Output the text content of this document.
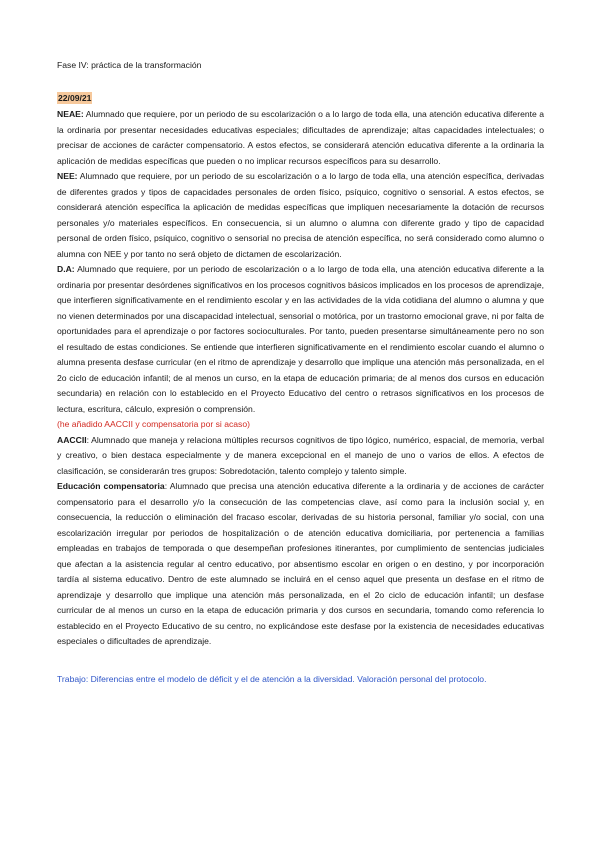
Fase IV: práctica de la transformación

22/09/21

NEAE: Alumnado que requiere, por un periodo de su escolarización o a lo largo de toda ella, una atención educativa diferente a la ordinaria por presentar necesidades educativas especiales; dificultades de aprendizaje; altas capacidades intelectuales; o precisar de acciones de carácter compensatorio. A estos efectos, se considerará atención educativa diferente a la ordinaria la aplicación de medidas específicas que pueden o no implicar recursos específicos para su desarrollo.

NEE: Alumnado que requiere, por un periodo de su escolarización o a lo largo de toda ella, una atención específica, derivadas de diferentes grados y tipos de capacidades personales de orden físico, psíquico, cognitivo o sensorial. A estos efectos, se considerará atención específica la aplicación de medidas específicas que impliquen necesariamente la dotación de recursos personales y/o materiales específicos. En consecuencia, si un alumno o alumna con diferente grado y tipo de capacidad personal de orden físico, psíquico, cognitivo o sensorial no precisa de atención específica, no será considerado como alumno o alumna con NEE y por tanto no será objeto de dictamen de escolarización.

D.A: Alumnado que requiere, por un periodo de escolarización o a lo largo de toda ella, una atención educativa diferente a la ordinaria por presentar desórdenes significativos en los procesos cognitivos básicos implicados en los procesos de aprendizaje, que interfieren significativamente en el rendimiento escolar y en las actividades de la vida cotidiana del alumno o alumna y que no vienen determinados por una discapacidad intelectual, sensorial o motórica, por un trastorno emocional grave, ni por falta de oportunidades para el aprendizaje o por factores socioculturales. Por tanto, pueden presentarse simultáneamente pero no son el resultado de estas condiciones. Se entiende que interfieren significativamente en el rendimiento escolar cuando el alumno o alumna presenta desfase curricular (en el ritmo de aprendizaje y desarrollo que implique una atención más personalizada, en el 2o ciclo de educación infantil; de al menos un curso, en la etapa de educación primaria; de al menos dos cursos en educación secundaria) en relación con lo establecido en el Proyecto Educativo del centro o retrasos significativos en los procesos de lectura, escritura, cálculo, expresión o comprensión.

(he añadido AACCII y compensatoria por si acaso)

AACCII: Alumnado que maneja y relaciona múltiples recursos cognitivos de tipo lógico, numérico, espacial, de memoria, verbal y creativo, o bien destaca especialmente y de manera excepcional en el manejo de uno o varios de ellos. A efectos de clasificación, se considerarán tres grupos: Sobredotación, talento complejo y talento simple.

Educación compensatoria: Alumnado que precisa una atención educativa diferente a la ordinaria y de acciones de carácter compensatorio para el desarrollo y/o la consecución de las competencias clave, así como para la inclusión social y, en consecuencia, la reducción o eliminación del fracaso escolar, derivadas de su historia personal, familiar y/o social, con una escolarización irregular por periodos de hospitalización o de atención educativa domiciliaria, por pertenencia a familias empleadas en trabajos de temporada o que desempeñan profesiones itinerantes, por cumplimiento de sentencias judiciales que afectan a la asistencia regular al centro educativo, por absentismo escolar en origen o en destino, y por incorporación tardía al sistema educativo. Dentro de este alumnado se incluirá en el censo aquel que presenta un desfase en el ritmo de aprendizaje y desarrollo que implique una atención más personalizada, en el 2o ciclo de educación infantil; un desfase curricular de al menos un curso en la etapa de educación primaria y dos cursos en secundaria, tomando como referencia lo establecido en el Proyecto Educativo de su centro, no explicándose este desfase por la existencia de necesidades educativas especiales o dificultades de aprendizaje.

Trabajo: Diferencias entre el modelo de déficit y el de atención a la diversidad. Valoración personal del protocolo.
